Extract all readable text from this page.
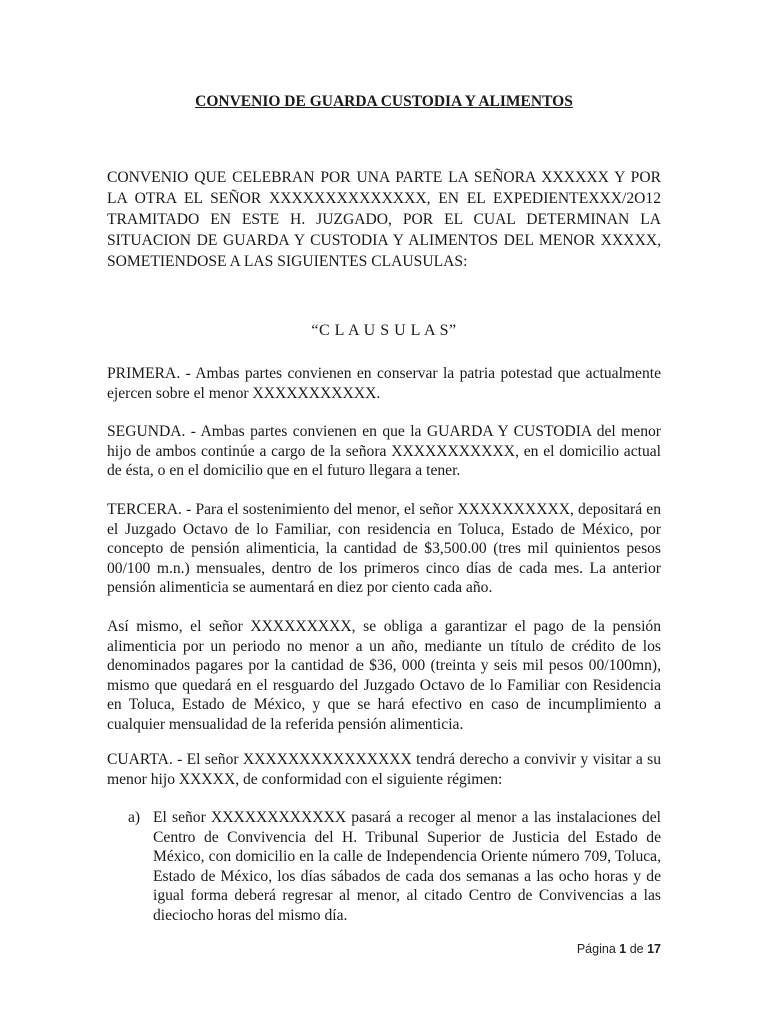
CONVENIO DE GUARDA CUSTODIA Y ALIMENTOS

CONVENIO QUE CELEBRAN POR UNA PARTE LA SEÑORA XXXXXX Y POR LA OTRA EL SEÑOR XXXXXXXXXXXXXX, EN EL EXPEDIENTEXXX/2O12 TRAMITADO EN ESTE H. JUZGADO, POR EL CUAL DETERMINAN LA SITUACION DE GUARDA Y CUSTODIA Y ALIMENTOS DEL MENOR XXXXX, SOMETIENDOSE A LAS SIGUIENTES CLAUSULAS:

“C L A U S U L A S”

PRIMERA. - Ambas partes convienen en conservar la patria potestad que actualmente ejercen sobre el menor XXXXXXXXXXX.

SEGUNDA. - Ambas partes convienen en que la GUARDA Y CUSTODIA del menor hijo de ambos continúe a cargo de la señora XXXXXXXXXXX, en el domicilio actual de ésta, o en el domicilio que en el futuro llegara a tener.

TERCERA. - Para el sostenimiento del menor, el señor XXXXXXXXXX, depositará en el Juzgado Octavo de lo Familiar, con residencia en Toluca, Estado de México, por concepto de pensión alimenticia, la cantidad de $3,500.00 (tres mil quinientos pesos 00/100 m.n.) mensuales, dentro de los primeros cinco días de cada mes. La anterior pensión alimenticia se aumentará en diez por ciento cada año.

Así mismo, el señor XXXXXXXXX, se obliga a garantizar el pago de la pensión alimenticia por un periodo no menor a un año, mediante un título de crédito de los denominados pagares por la cantidad de $36, 000 (treinta y seis mil pesos 00/100mn), mismo que quedará en el resguardo del Juzgado Octavo de lo Familiar con Residencia en Toluca, Estado de México, y que se hará efectivo en caso de incumplimiento a cualquier mensualidad de la referida pensión alimenticia.

CUARTA. - El señor XXXXXXXXXXXXXXX tendrá derecho a convivir y visitar a su menor hijo XXXXX, de conformidad con el siguiente régimen:

a) El señor XXXXXXXXXXXX pasará a recoger al menor a las instalaciones del Centro de Convivencia del H. Tribunal Superior de Justicia del Estado de México, con domicilio en la calle de Independencia Oriente número 709, Toluca, Estado de México, los días sábados de cada dos semanas a las ocho horas y de igual forma deberá regresar al menor, al citado Centro de Convivencias a las dieciocho horas del mismo día.
Página 1 de 17
